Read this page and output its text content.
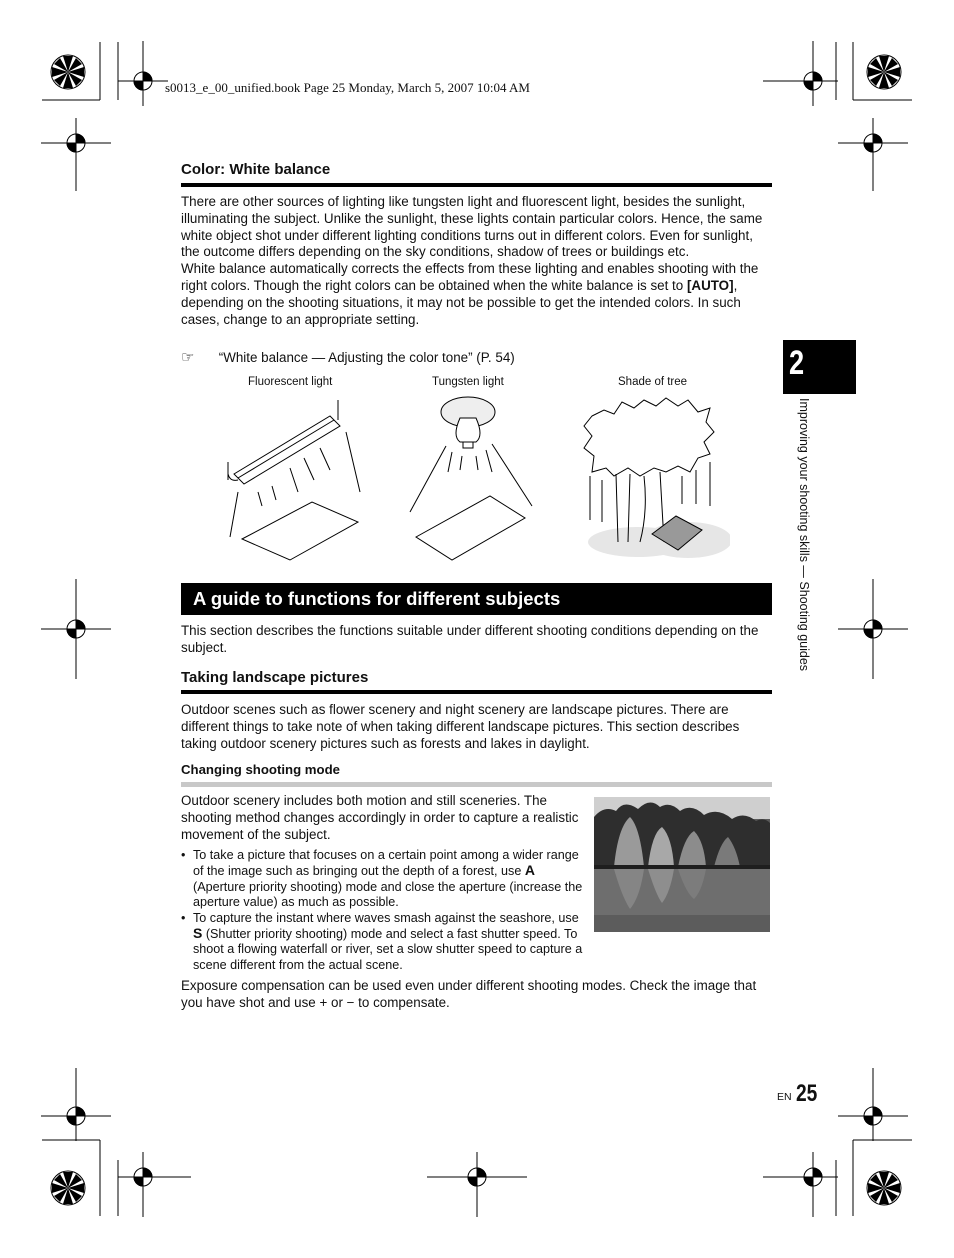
s0013_e_00_unified.book Page 25 Monday, March 5, 2007 10:04 AM
Color: White balance

There are other sources of lighting like tungsten light and fluorescent light, besides the sunlight, illuminating the subject. Unlike the sunlight, these lights contain particular colors. Hence, the same white object shot under different lighting conditions turns out in different colors. Even for sunlight, the outcome differs depending on the sky conditions, shadow of trees or buildings etc.

White balance automatically corrects the effects from these lighting and enables shooting with the right colors. Though the right colors can be obtained when the white balance is set to [AUTO], depending on the shooting situations, it may not be possible to get the intended colors. In such cases, change to an appropriate setting.

☞ “White balance — Adjusting the color tone” (P. 54)
Fluorescent light	Tungsten light	Shade of tree
A guide to functions for different subjects
This section describes the functions suitable under different shooting conditions depending on the subject.
Taking landscape pictures
Outdoor scenes such as flower scenery and night scenery are landscape pictures. There are different things to take note of when taking different landscape pictures. This section describes taking outdoor scenery pictures such as forests and lakes in daylight.
Changing shooting mode
Outdoor scenery includes both motion and still sceneries. The shooting method changes accordingly in order to capture a realistic movement of the subject.
• To take a picture that focuses on a certain point among a wider range of the image such as bringing out the depth of a forest, use A (Aperture priority shooting) mode and close the aperture (increase the aperture value) as much as possible.
• To capture the instant where waves smash against the seashore, use S (Shutter priority shooting) mode and select a fast shutter speed. To shoot a flowing waterfall or river, set a slow shutter speed to capture a scene different from the actual scene.
Exposure compensation can be used even under different shooting modes. Check the image that you have shot and use + or − to compensate.
2
Improving your shooting skills — Shooting guides
EN 25
